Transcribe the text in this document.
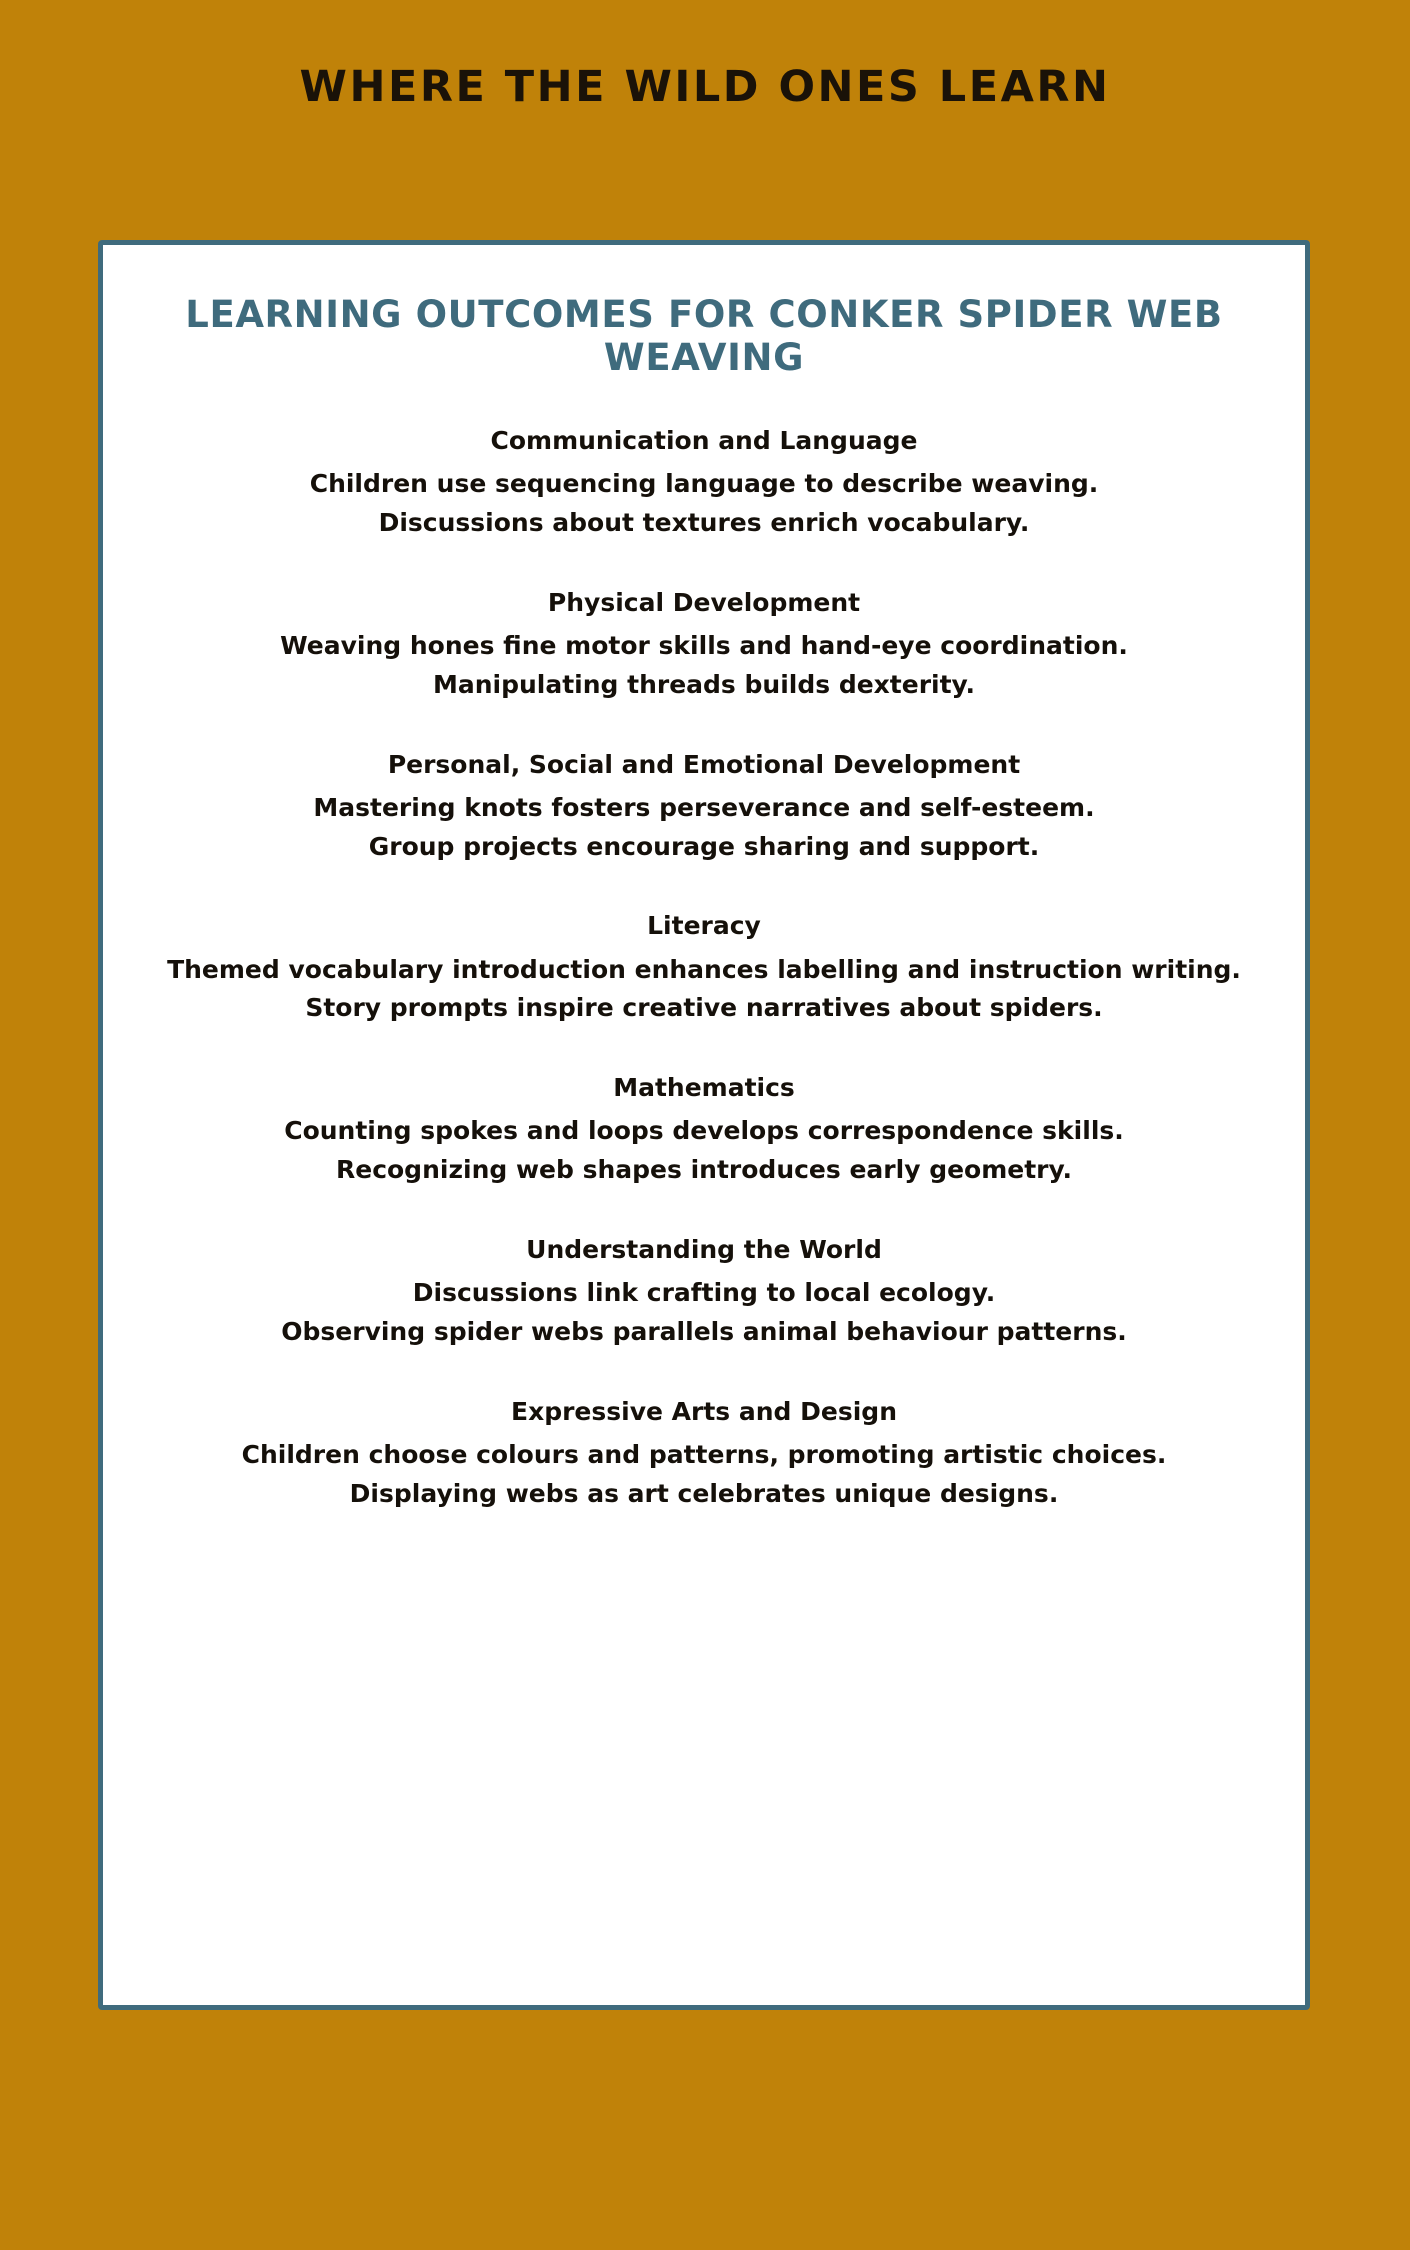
WHERE THE WILD ONES LEARN
LEARNING OUTCOMES FOR CONKER SPIDER WEB WEAVING
Communication and Language
Children use sequencing language to describe weaving.
Discussions about textures enrich vocabulary.
Physical Development
Weaving hones fine motor skills and hand-eye coordination.
Manipulating threads builds dexterity.
Personal, Social and Emotional Development
Mastering knots fosters perseverance and self-esteem.
Group projects encourage sharing and support.
Literacy
Themed vocabulary introduction enhances labelling and instruction writing.
Story prompts inspire creative narratives about spiders.
Mathematics
Counting spokes and loops develops correspondence skills.
Recognizing web shapes introduces early geometry.
Understanding the World
Discussions link crafting to local ecology.
Observing spider webs parallels animal behaviour patterns.
Expressive Arts and Design
Children choose colours and patterns, promoting artistic choices.
Displaying webs as art celebrates unique designs.
